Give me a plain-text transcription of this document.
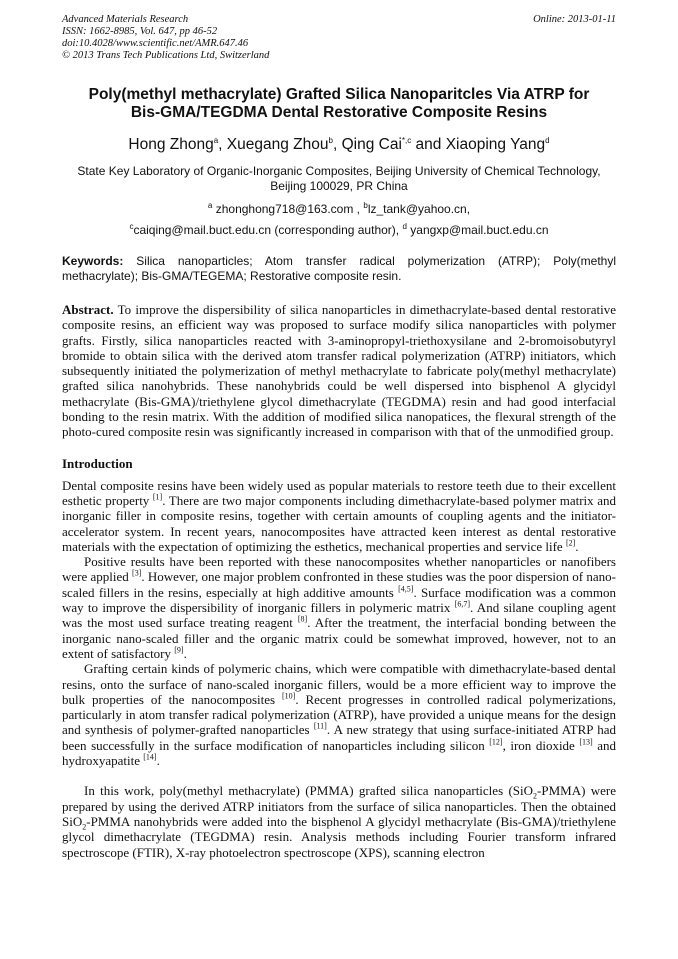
Advanced Materials Research	Online: 2013-01-11
ISSN: 1662-8985, Vol. 647, pp 46-52
doi:10.4028/www.scientific.net/AMR.647.46
© 2013 Trans Tech Publications Ltd, Switzerland
Poly(methyl methacrylate) Grafted Silica Nanoparitcles Via ATRP for
Bis-GMA/TEGDMA Dental Restorative Composite Resins
Hong Zhong$^a$, Xuegang Zhou$^b$, Qing Cai$^{*,c}$ and Xiaoping Yang$^d$
State Key Laboratory of Organic-Inorganic Composites, Beijing University of Chemical Technology,
Beijing 100029, PR China
$^a$ zhonghong718@163.com , $^b$lz_tank@yahoo.cn,
$^c$caiqing@mail.buct.edu.cn (corresponding author), $^d$ yangxp@mail.buct.edu.cn
Keywords: Silica nanoparticles; Atom transfer radical polymerization (ATRP); Poly(methyl methacrylate); Bis-GMA/TEGEMA; Restorative composite resin.
Abstract. To improve the dispersibility of silica nanoparticles in dimethacrylate-based dental restorative composite resins, an efficient way was proposed to surface modify silica nanoparticles with polymer grafts. Firstly, silica nanoparticles reacted with 3-aminopropyl-triethoxysilane and 2-bromoisobutyryl bromide to obtain silica with the derived atom transfer radical polymerization (ATRP) initiators, which subsequently initiated the polymerization of methyl methacrylate to fabricate poly(methyl methacrylate) grafted silica nanohybrids. These nanohybrids could be well dispersed into bisphenol A glycidyl methacrylate (Bis-GMA)/triethylene glycol dimethacrylate (TEGDMA) resin and had good interfacial bonding to the resin matrix. With the addition of modified silica nanopatices, the flexural strength of the photo-cured composite resin was significantly increased in comparison with that of the unmodified group.
Introduction

Dental composite resins have been widely used as popular materials to restore teeth due to their excellent esthetic property [1]. There are two major components including dimethacrylate-based polymer matrix and inorganic filler in composite resins, together with certain amounts of coupling agents and the initiator-accelerator system. In recent years, nanocomposites have attracted keen interest as dental restorative materials with the expectation of optimizing the esthetics, mechanical properties and service life [2].

Positive results have been reported with these nanocomposites whether nanoparticles or nanofibers were applied [3]. However, one major problem confronted in these studies was the poor dispersion of nano-scaled fillers in the resins, especially at high additive amounts [4,5]. Surface modification was a common way to improve the dispersibility of inorganic fillers in polymeric matrix [6,7]. And silane coupling agent was the most used surface treating reagent [8]. After the treatment, the interfacial bonding between the inorganic nano-scaled filler and the organic matrix could be somewhat improved, however, not to an extent of satisfactory [9].

Grafting certain kinds of polymeric chains, which were compatible with dimethacrylate-based dental resins, onto the surface of nano-scaled inorganic fillers, would be a more efficient way to improve the bulk properties of the nanocomposites [10]. Recent progresses in controlled radical polymerizations, particularly in atom transfer radical polymerization (ATRP), have provided a unique means for the design and synthesis of polymer-grafted nanoparticles [11]. A new strategy that using surface-initiated ATRP had been successfully in the surface modification of nanoparticles including silicon [12], iron dioxide [13] and hydroxyapatite [14].

In this work, poly(methyl methacrylate) (PMMA) grafted silica nanoparticles (SiO$_2$-PMMA) were prepared by using the derived ATRP initiators from the surface of silica nanoparticles. Then the obtained SiO$_2$-PMMA nanohybrids were added into the bisphenol A glycidyl methacrylate (Bis-GMA)/triethylene glycol dimethacrylate (TEGDMA) resin. Analysis methods including Fourier transform infrared spectroscope (FTIR), X-ray photoelectron spectroscope (XPS), scanning electron
